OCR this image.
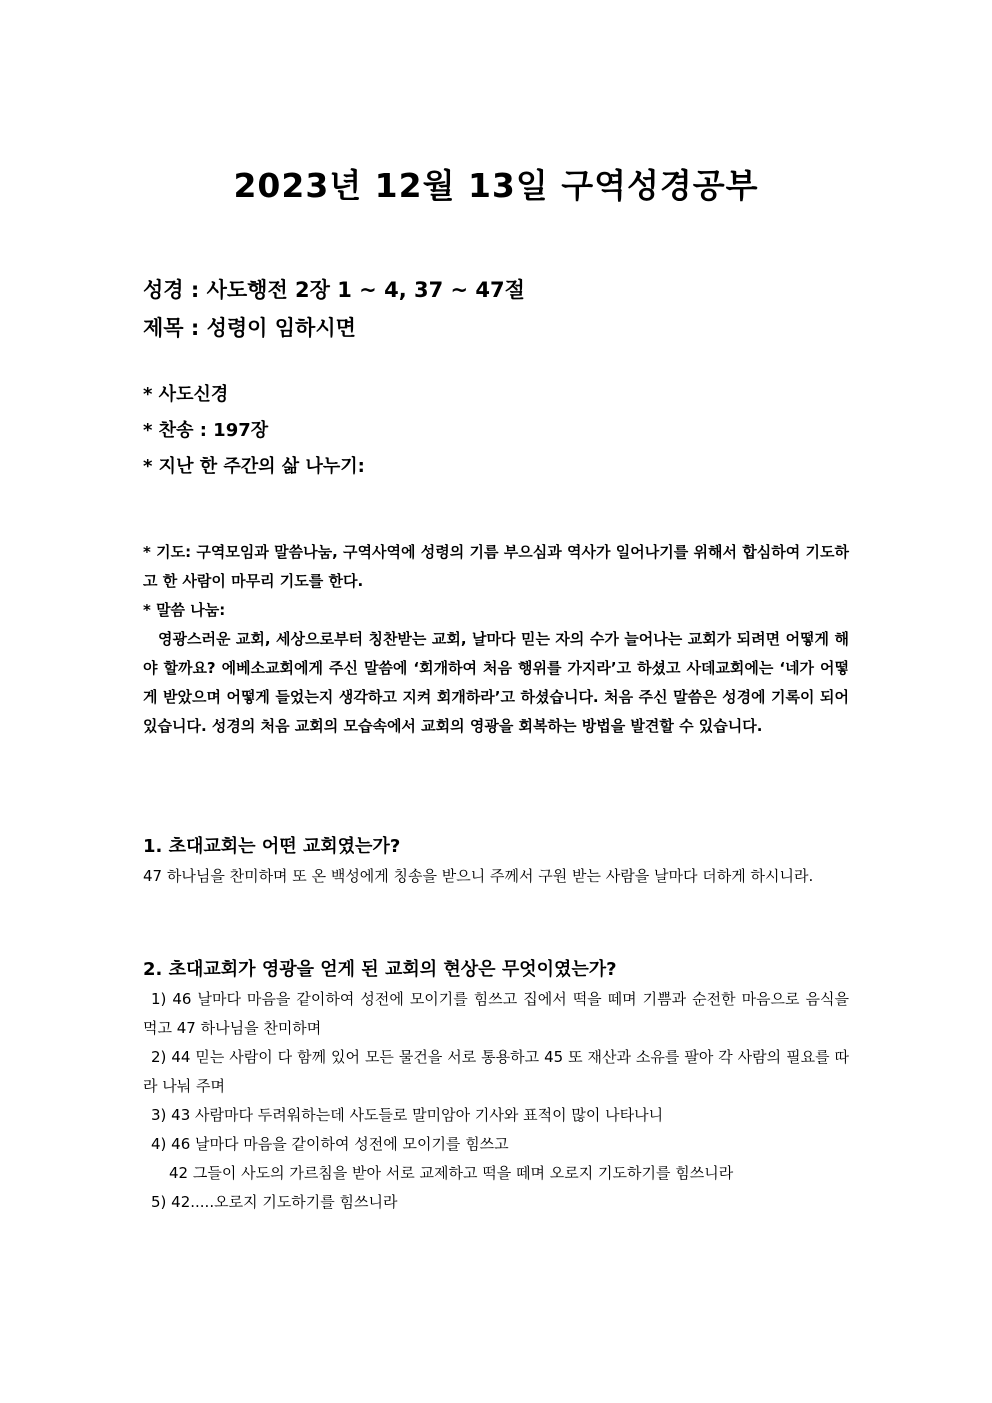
2023년 12월 13일 구역성경공부
성경 : 사도행전 2장 1 ~ 4, 37 ~ 47절
제목 : 성령이 임하시면
* 사도신경
* 찬송 : 197장
* 지난 한 주간의 삶 나누기:

* 기도: 구역모임과 말씀나눔, 구역사역에 성령의 기름 부으심과 역사가 일어나기를 위해서 합심하여 기도하고 한 사람이 마무리 기도를 한다.

* 말씀 나눔:

영광스러운 교회, 세상으로부터 칭찬받는 교회, 날마다 믿는 자의 수가 늘어나는 교회가 되려면 어떻게 해야 할까요? 에베소교회에게 주신 말씀에 ‘회개하여 처음 행위를 가지라’고 하셨고 사데교회에는 ‘네가 어떻게 받았으며 어떻게 들었는지 생각하고 지켜 회개하라’고 하셨습니다. 처음 주신 말씀은 성경에 기록이 되어 있습니다. 성경의 처음 교회의 모습속에서 교회의 영광을 회복하는 방법을 발견할 수 있습니다.

1. 초대교회는 어떤 교회였는가?

47 하나님을 찬미하며 또 온 백성에게 칭송을 받으니 주께서 구원 받는 사람을 날마다 더하게 하시니라.

2. 초대교회가 영광을 얻게 된 교회의 현상은 무엇이였는가?

1) 46 날마다 마음을 같이하여 성전에 모이기를 힘쓰고 집에서 떡을 떼며 기쁨과 순전한 마음으로 음식을 먹고 47 하나님을 찬미하며

2) 44 믿는 사람이 다 함께 있어 모든 물건을 서로 통용하고 45 또 재산과 소유를 팔아 각 사람의 필요를 따라 나눠 주며

3) 43 사람마다 두려워하는데 사도들로 말미암아 기사와 표적이 많이 나타나니

4) 46 날마다 마음을 같이하여 성전에 모이기를 힘쓰고

42 그들이 사도의 가르침을 받아 서로 교제하고 떡을 떼며 오로지 기도하기를 힘쓰니라

5) 42.....오로지 기도하기를 힘쓰니라
